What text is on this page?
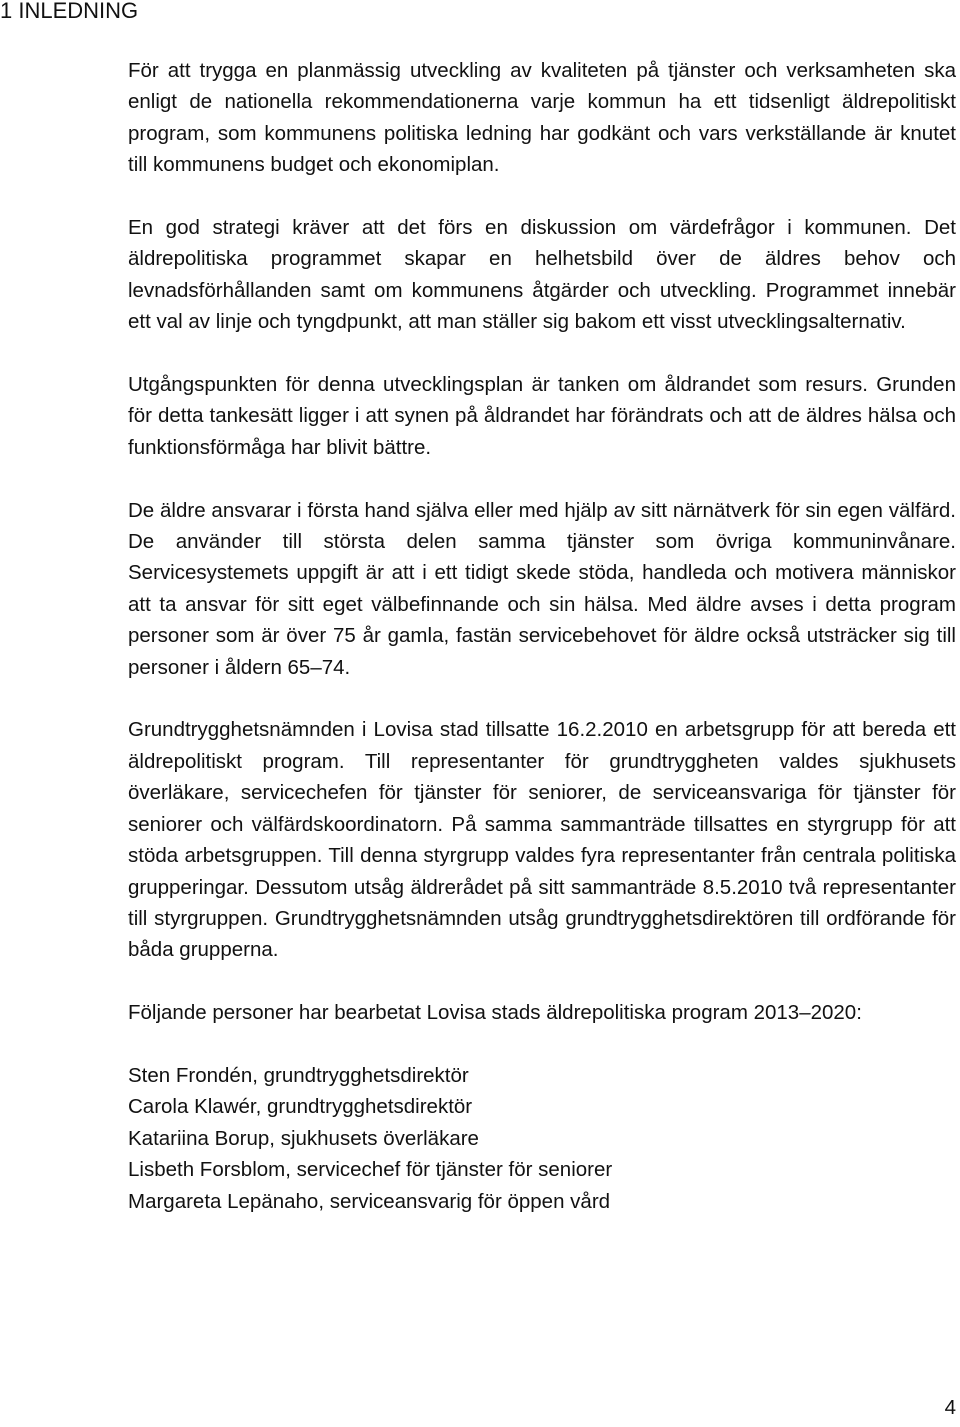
1 INLEDNING

För att trygga en planmässig utveckling av kvaliteten på tjänster och verksamheten ska enligt de nationella rekommendationerna varje kommun ha ett tidsenligt äldrepolitiskt program, som kommunens politiska ledning har godkänt och vars verkställande är knutet till kommunens budget och ekonomiplan.

En god strategi kräver att det förs en diskussion om värdefrågor i kommunen. Det äldrepolitiska programmet skapar en helhetsbild över de äldres behov och levnadsförhållanden samt om kommunens åtgärder och utveckling. Programmet innebär ett val av linje och tyngdpunkt, att man ställer sig bakom ett visst utvecklingsalternativ.

Utgångspunkten för denna utvecklingsplan är tanken om åldrandet som resurs. Grunden för detta tankesätt ligger i att synen på åldrandet har förändrats och att de äldres hälsa och funktionsförmåga har blivit bättre.

De äldre ansvarar i första hand själva eller med hjälp av sitt närnätverk för sin egen välfärd. De använder till största delen samma tjänster som övriga kommuninvånare. Servicesystemets uppgift är att i ett tidigt skede stöda, handleda och motivera människor att ta ansvar för sitt eget välbefinnande och sin hälsa. Med äldre avses i detta program personer som är över 75 år gamla, fastän servicebehovet för äldre också utsträcker sig till personer i åldern 65–74.

Grundtrygghetsnämnden i Lovisa stad tillsatte 16.2.2010 en arbetsgrupp för att bereda ett äldrepolitiskt program. Till representanter för grundtryggheten valdes sjukhusets överläkare, servicechefen för tjänster för seniorer, de serviceansvariga för tjänster för seniorer och välfärdskoordinatorn. På samma sammanträde tillsattes en styrgrupp för att stöda arbetsgruppen. Till denna styrgrupp valdes fyra representanter från centrala politiska grupperingar. Dessutom utsåg äldrerådet på sitt sammanträde 8.5.2010 två representanter till styrgruppen. Grundtrygghetsnämnden utsåg grundtrygghetsdirektören till ordförande för båda grupperna.

Följande personer har bearbetat Lovisa stads äldrepolitiska program 2013–2020:

Sten Frondén, grundtrygghetsdirektör
Carola Klawér, grundtrygghetsdirektör
Katariina Borup, sjukhusets överläkare
Lisbeth Forsblom, servicechef för tjänster för seniorer
Margareta Lepänaho, serviceansvarig för öppen vård
4
